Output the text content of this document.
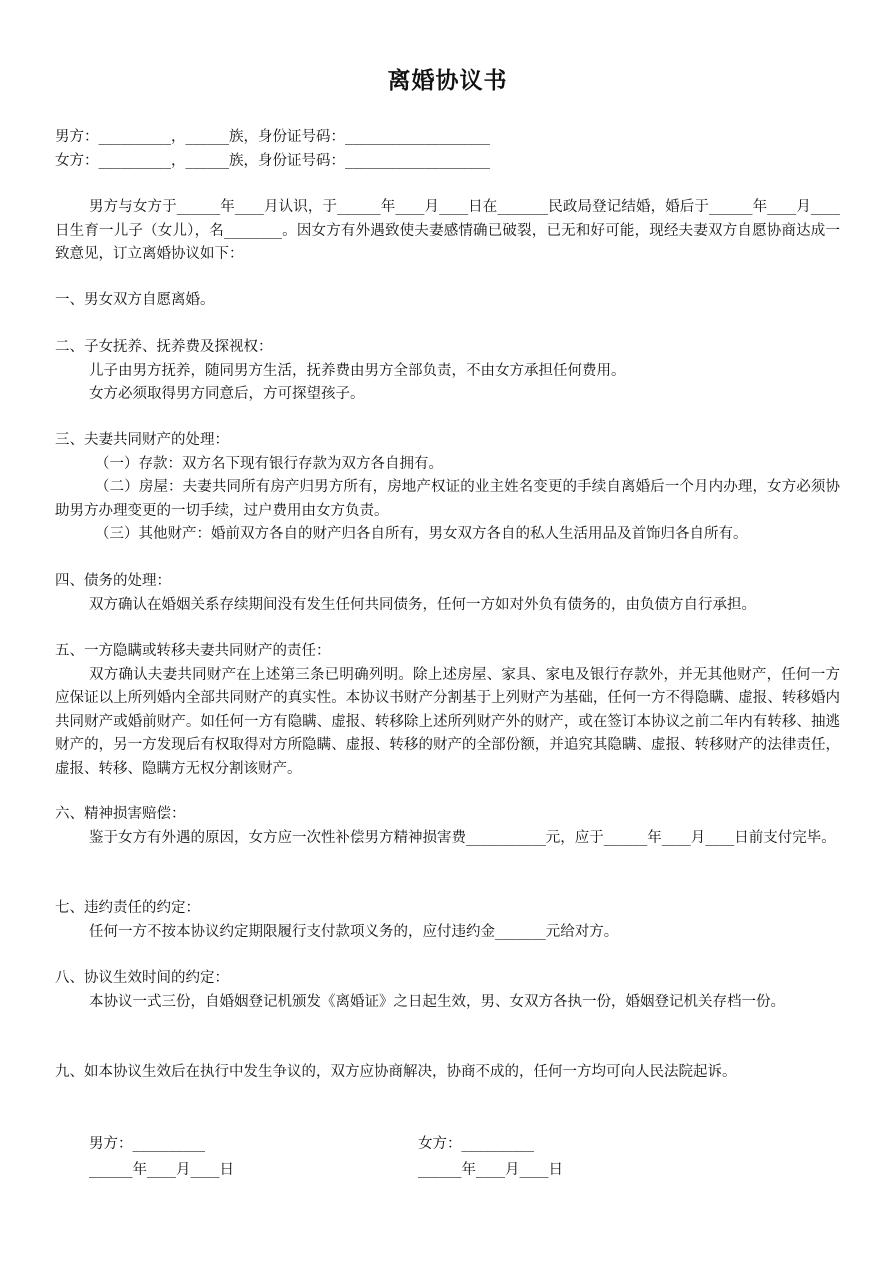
离婚协议书
男方：__________，______族，身份证号码：____________________
女方：__________，______族，身份证号码：____________________
男方与女方于______年____月认识，于______年____月____日在_______民政局登记结婚，婚后于______年____月____日生育一儿子（女儿），名________。因女方有外遇致使夫妻感情确已破裂，已无和好可能，现经夫妻双方自愿协商达成一致意见，订立离婚协议如下：
一、男女双方自愿离婚。
二、子女抚养、抚养费及探视权：
儿子由男方抚养，随同男方生活，抚养费由男方全部负责，不由女方承担任何费用。
女方必须取得男方同意后，方可探望孩子。
三、夫妻共同财产的处理：
（一）存款：双方名下现有银行存款为双方各自拥有。
（二）房屋：夫妻共同所有房产归男方所有，房地产权证的业主姓名变更的手续自离婚后一个月内办理，女方必须协助男方办理变更的一切手续，过户费用由女方负责。
（三）其他财产：婚前双方各自的财产归各自所有，男女双方各自的私人生活用品及首饰归各自所有。
四、债务的处理：
双方确认在婚姻关系存续期间没有发生任何共同债务，任何一方如对外负有债务的，由负债方自行承担。
五、一方隐瞒或转移夫妻共同财产的责任：
双方确认夫妻共同财产在上述第三条已明确列明。除上述房屋、家具、家电及银行存款外，并无其他财产，任何一方应保证以上所列婚内全部共同财产的真实性。本协议书财产分割基于上列财产为基础，任何一方不得隐瞒、虚报、转移婚内共同财产或婚前财产。如任何一方有隐瞒、虚报、转移除上述所列财产外的财产，或在签订本协议之前二年内有转移、抽逃财产的，另一方发现后有权取得对方所隐瞒、虚报、转移的财产的全部份额，并追究其隐瞒、虚报、转移财产的法律责任，虚报、转移、隐瞒方无权分割该财产。
六、精神损害赔偿：
鉴于女方有外遇的原因，女方应一次性补偿男方精神损害费___________元，应于______年____月____日前支付完毕。
七、违约责任的约定：
任何一方不按本协议约定期限履行支付款项义务的，应付违约金_______元给对方。
八、协议生效时间的约定：
本协议一式三份，自婚姻登记机颁发《离婚证》之日起生效，男、女双方各执一份，婚姻登记机关存档一份。
九、如本协议生效后在执行中发生争议的，双方应协商解决，协商不成的，任何一方均可向人民法院起诉。
男方：__________
______年____月____日
女方：__________
______年____月____日
